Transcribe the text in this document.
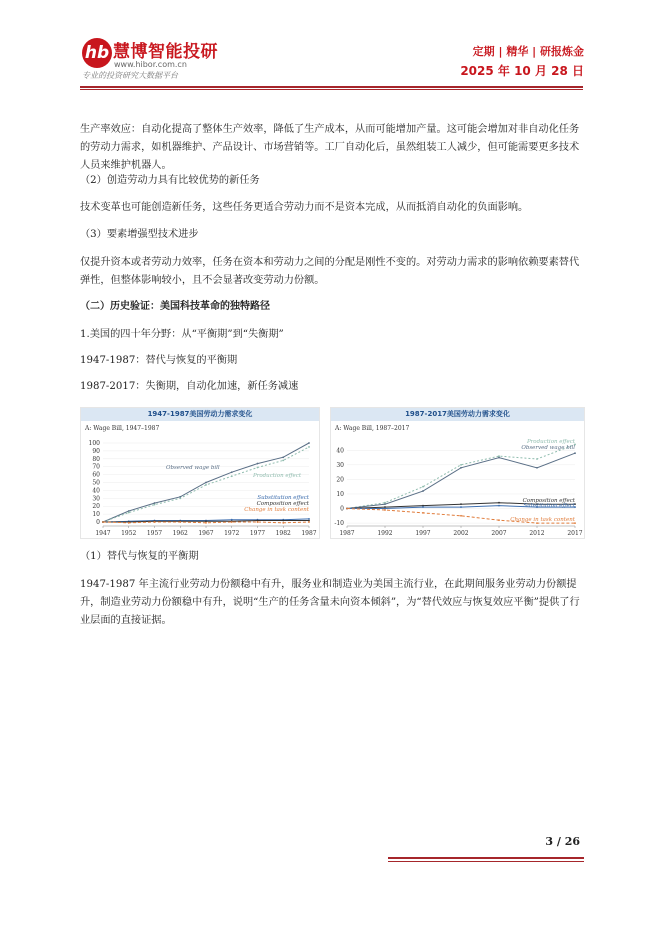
hb 慧博智能投研
www.hibor.com.cn
专业的投资研究大数据平台
定期 | 精华 | 研报炼金
2025 年 10 月 28 日

生产率效应：自动化提高了整体生产效率，降低了生产成本，从而可能增加产量。这可能会增加对非自动化任务的劳动力需求，如机器维护、产品设计、市场营销等。工厂自动化后，虽然组装工人减少，但可能需要更多技术人员来维护机器人。

（2）创造劳动力具有比较优势的新任务

技术变革也可能创造新任务，这些任务更适合劳动力而不是资本完成，从而抵消自动化的负面影响。

（3）要素增强型技术进步

仅提升资本或者劳动力效率，任务在资本和劳动力之间的分配是刚性不变的。对劳动力需求的影响依赖要素替代弹性，但整体影响较小，且不会显著改变劳动力份额。

（二）历史验证：美国科技革命的独特路径

1.美国的四十年分野：从“平衡期”到“失衡期”

1947-1987：替代与恢复的平衡期

1987-2017：失衡期，自动化加速，新任务减速

1947-1987美国劳动力需求变化
A: Wage Bill, 1947–1987
0
10
20
30
40
50
60
70
80
90
100
1947 1952 1957 1962 1967 1972 1977 1982 1987
Observed wage bill
Production effect
Substitution effect
Composition effect
Change in task content
1987-2017美国劳动力需求变化
A: Wage Bill, 1987–2017
-10
0
10
20
30
40
1987	1992	1997	2002	2007	2012	2017
Production effect
Observed wage bill
Composition effect
Substitution effect
Change in task content

（1）替代与恢复的平衡期

1947-1987 年主流行业劳动力份额稳中有升，服务业和制造业为美国主流行业，在此期间服务业劳动力份额提升，制造业劳动力份额稳中有升，说明“生产的任务含量未向资本倾斜”，为“替代效应与恢复效应平衡”提供了行业层面的直接证据。

3 / 26
